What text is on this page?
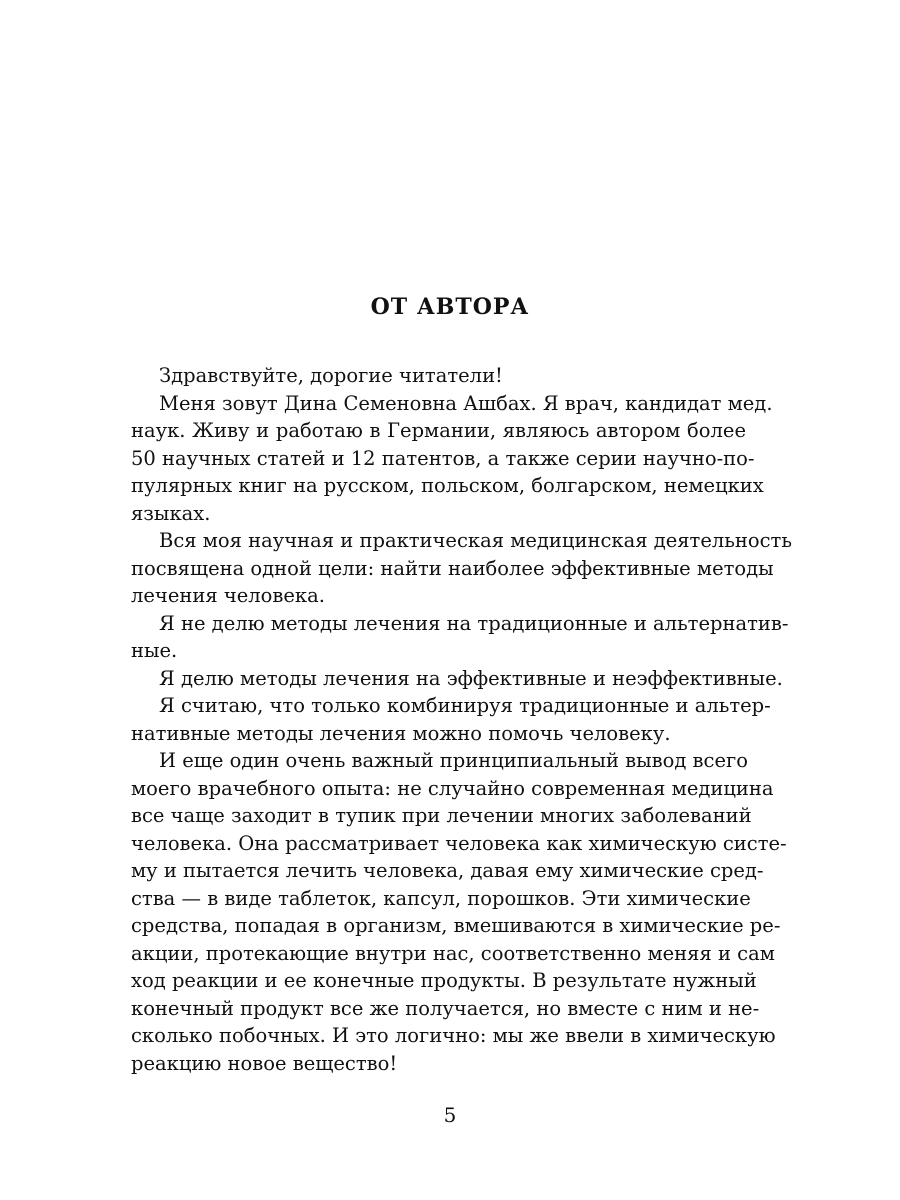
ОТ АВТОРА
Здравствуйте, дорогие читатели!
Меня зовут Дина Семеновна Ашбах. Я врач, кандидат мед.
наук. Живу и работаю в Германии, являюсь автором более
50 научных статей и 12 патентов, а также серии научно-по-
пулярных книг на русском, польском, болгарском, немецких
языках.
Вся моя научная и практическая медицинская деятельность
посвящена одной цели: найти наиболее эффективные методы
лечения человека.
Я не делю методы лечения на традиционные и альтернатив-
ные.
Я делю методы лечения на эффективные и неэффективные.
Я считаю, что только комбинируя традиционные и альтер-
нативные методы лечения можно помочь человеку.
И еще один очень важный принципиальный вывод всего
моего врачебного опыта: не случайно современная медицина
все чаще заходит в тупик при лечении многих заболеваний
человека. Она рассматривает человека как химическую систе-
му и пытается лечить человека, давая ему химические сред-
ства — в виде таблеток, капсул, порошков. Эти химические
средства, попадая в организм, вмешиваются в химические ре-
акции, протекающие внутри нас, соответственно меняя и сам
ход реакции и ее конечные продукты. В результате нужный
конечный продукт все же получается, но вместе с ним и не-
сколько побочных. И это логично: мы же ввели в химическую
реакцию новое вещество!
5
